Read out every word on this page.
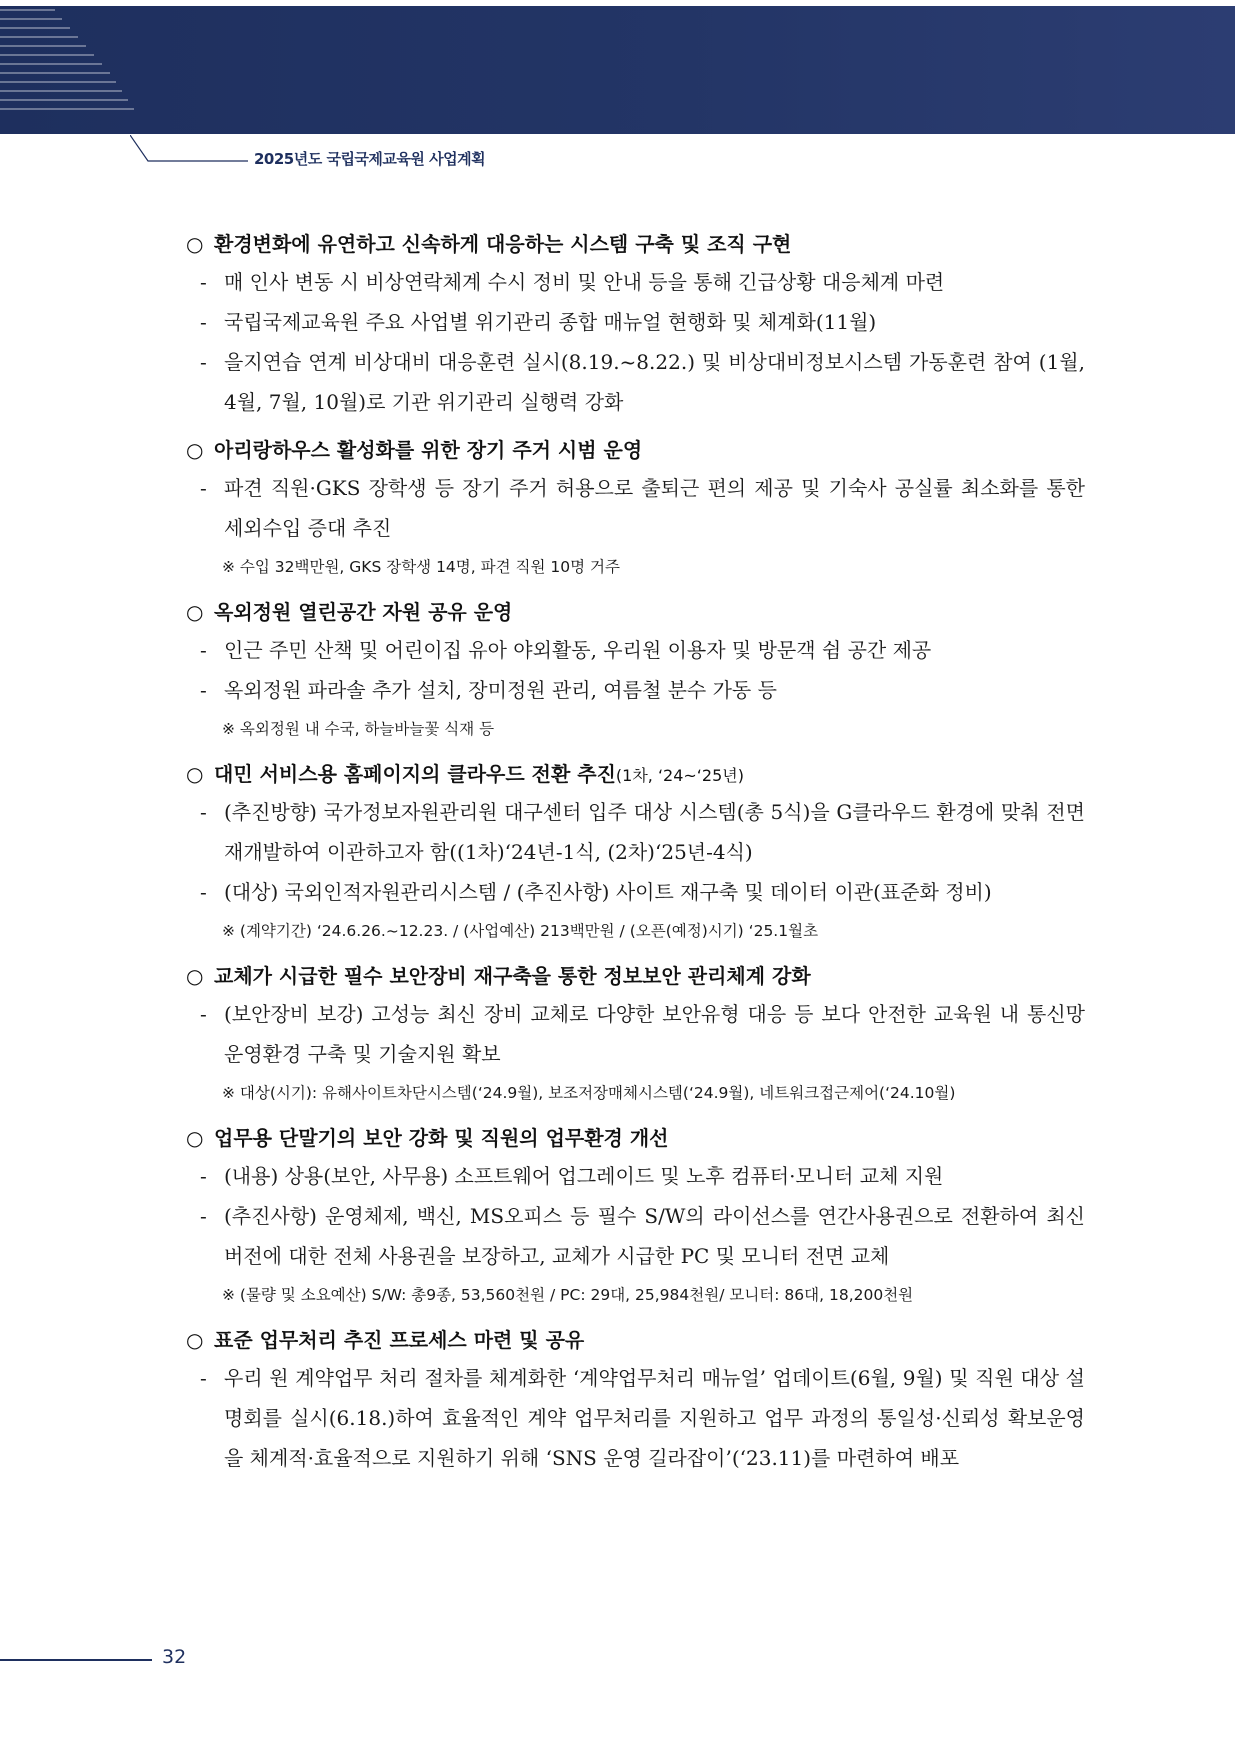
2025년도 국립국제교육원 사업계획
○ 환경변화에 유연하고 신속하게 대응하는 시스템 구축 및 조직 구현
- 매 인사 변동 시 비상연락체계 수시 정비 및 안내 등을 통해 긴급상황 대응체계 마련
- 국립국제교육원 주요 사업별 위기관리 종합 매뉴얼 현행화 및 체계화(11월)
- 을지연습 연계 비상대비 대응훈련 실시(8.19.~8.22.) 및 비상대비정보시스템 가동훈련 참여 (1월, 4월, 7월, 10월)로 기관 위기관리 실행력 강화
○ 아리랑하우스 활성화를 위한 장기 주거 시범 운영
- 파견 직원·GKS 장학생 등 장기 주거 허용으로 출퇴근 편의 제공 및 기숙사 공실률 최소화를 통한 세외수입 증대 추진
※ 수입 32백만원, GKS 장학생 14명, 파견 직원 10명 거주
○ 옥외정원 열린공간 자원 공유 운영
- 인근 주민 산책 및 어린이집 유아 야외활동, 우리원 이용자 및 방문객 쉼 공간 제공
- 옥외정원 파라솔 추가 설치, 장미정원 관리, 여름철 분수 가동 등
※ 옥외정원 내 수국, 하늘바늘꽃 식재 등
○ 대민 서비스용 홈페이지의 클라우드 전환 추진(1차, ‘24~‘25년)
- (추진방향) 국가정보자원관리원 대구센터 입주 대상 시스템(총 5식)을 G클라우드 환경에 맞춰 전면 재개발하여 이관하고자 함((1차)‘24년-1식, (2차)‘25년-4식)
- (대상) 국외인적자원관리시스템 / (추진사항) 사이트 재구축 및 데이터 이관(표준화 정비)
※ (계약기간) ‘24.6.26.~12.23. / (사업예산) 213백만원 / (오픈(예정)시기) ‘25.1월초
○ 교체가 시급한 필수 보안장비 재구축을 통한 정보보안 관리체계 강화
- (보안장비 보강) 고성능 최신 장비 교체로 다양한 보안유형 대응 등 보다 안전한 교육원 내 통신망 운영환경 구축 및 기술지원 확보
※ 대상(시기): 유해사이트차단시스템(‘24.9월), 보조저장매체시스템(‘24.9월), 네트워크접근제어(‘24.10월)
○ 업무용 단말기의 보안 강화 및 직원의 업무환경 개선
- (내용) 상용(보안, 사무용) 소프트웨어 업그레이드 및 노후 컴퓨터·모니터 교체 지원
- (추진사항) 운영체제, 백신, MS오피스 등 필수 S/W의 라이선스를 연간사용권으로 전환하여 최신 버전에 대한 전체 사용권을 보장하고, 교체가 시급한 PC 및 모니터 전면 교체
※ (물량 및 소요예산) S/W: 총9종, 53,560천원 / PC: 29대, 25,984천원/ 모니터: 86대, 18,200천원
○ 표준 업무처리 추진 프로세스 마련 및 공유
- 우리 원 계약업무 처리 절차를 체계화한 ‘계약업무처리 매뉴얼’ 업데이트(6월, 9월) 및 직원 대상 설명회를 실시(6.18.)하여 효율적인 계약 업무처리를 지원하고 업무 과정의 통일성·신뢰성 확보운영을 체계적·효율적으로 지원하기 위해 ‘SNS 운영 길라잡이’(‘23.11)를 마련하여 배포
32
